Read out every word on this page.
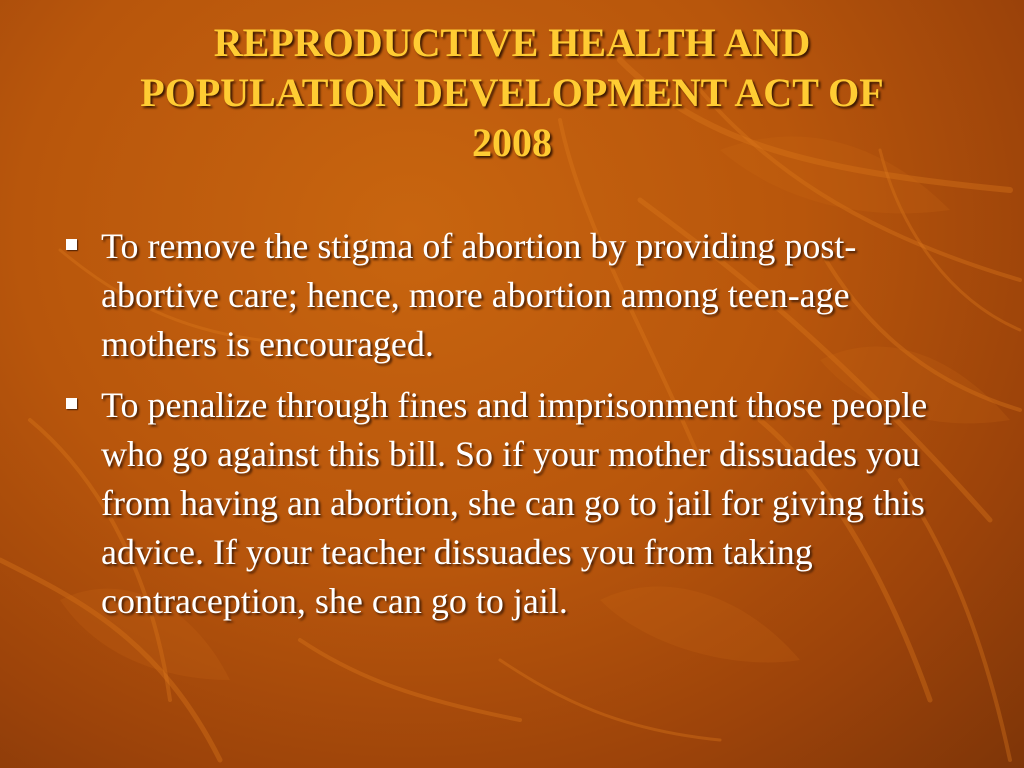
REPRODUCTIVE HEALTH AND
POPULATION DEVELOPMENT ACT OF
2008
To remove the stigma of abortion by providing post-abortive care; hence, more abortion among teen-age mothers is encouraged.
To penalize through fines and imprisonment those people who go against this bill. So if your mother dissuades you from having an abortion, she can go to jail for giving this advice. If your teacher dissuades you from taking contraception, she can go to jail.
